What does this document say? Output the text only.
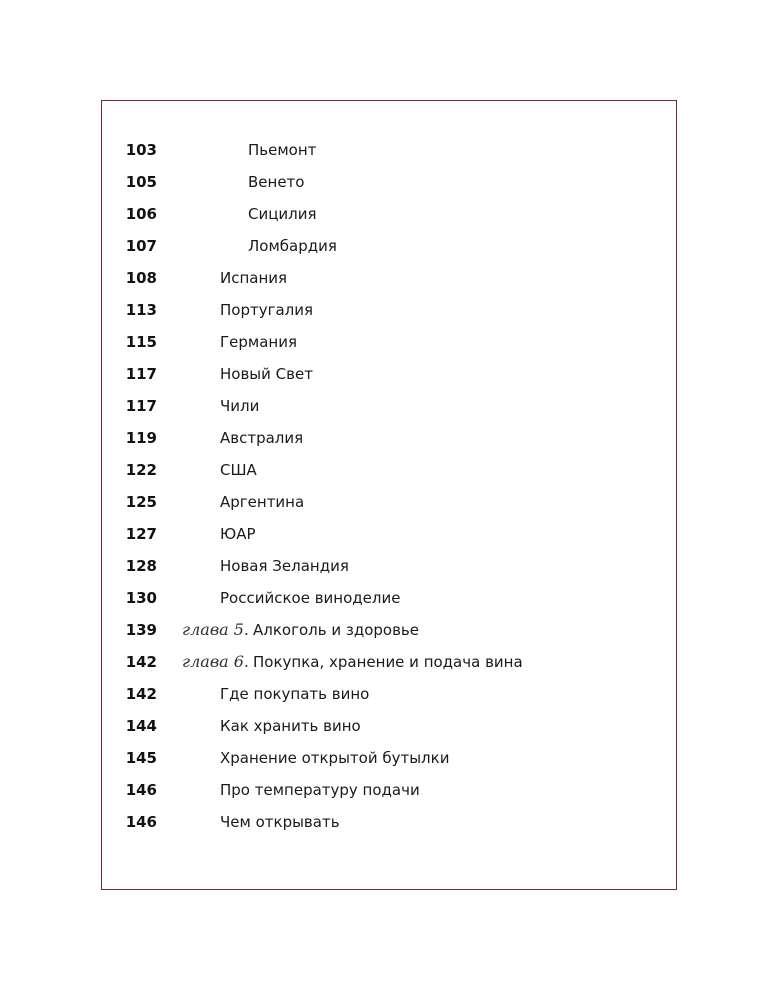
103	Пьемонт
105	Венето
106	Сицилия
107	Ломбардия
108	Испания
113	Португалия
115	Германия
117	Новый Свет
117	Чили
119	Австралия
122	США
125	Аргентина
127	ЮАР
128	Новая Зеландия
130	Российское виноделие
139 глава 5. Алкоголь и здоровье
142 глава 6. Покупка, хранение и подача вина
142	Где покупать вино
144	Как хранить вино
145	Хранение открытой бутылки
146	Про температуру подачи
146	Чем открывать
